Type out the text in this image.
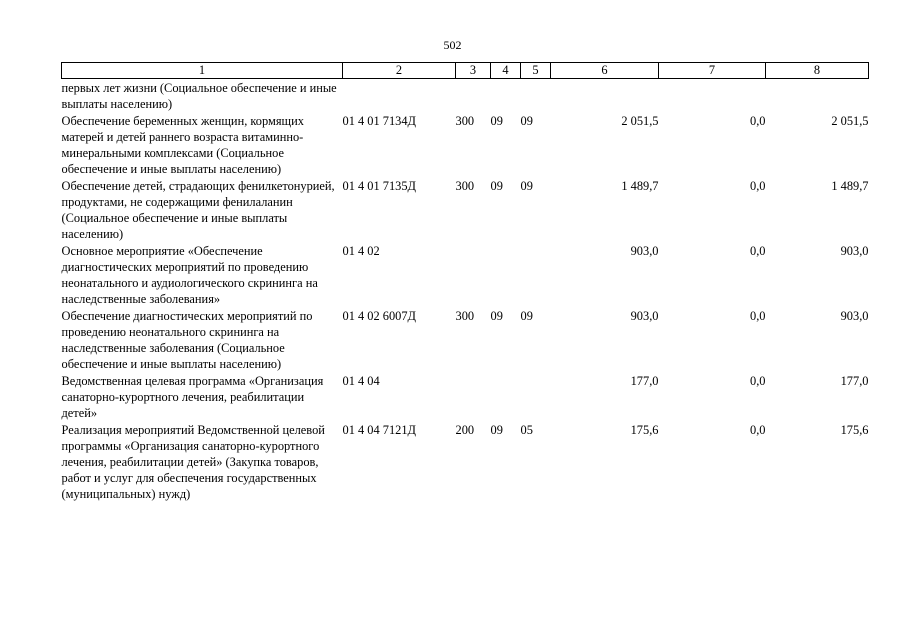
502
1	2	3	4	5	6	7	8
первых лет жизни (Социальное обеспечение и иные выплаты населению)							
Обеспечение беременных женщин, кормящих матерей и детей раннего возраста витаминно-минеральными комплексами (Социальное обеспечение и иные выплаты населению)	01 4 01 7134Д	300	09	09	2 051,5	0,0	2 051,5
Обеспечение детей, страдающих фенилкетонурией, продуктами, не содержащими фенилаланин (Социальное обеспечение и иные выплаты населению)	01 4 01 7135Д	300	09	09	1 489,7	0,0	1 489,7
Основное мероприятие «Обеспечение диагностических мероприятий по проведению неонатального и аудиологического скрининга на наследственные заболевания»	01 4 02				903,0	0,0	903,0
Обеспечение диагностических мероприятий по проведению неонатального скрининга на наследственные заболевания (Социальное обеспечение и иные выплаты населению)	01 4 02 6007Д	300	09	09	903,0	0,0	903,0
Ведомственная целевая программа «Организация санаторно-курортного лечения, реабилитации детей»	01 4 04				177,0	0,0	177,0
Реализация мероприятий Ведомственной целевой программы «Организация санаторно-курортного лечения, реабилитации детей» (Закупка товаров, работ и услуг для обеспечения государственных (муниципальных) нужд)	01 4 04 7121Д	200	09	05	175,6	0,0	175,6
